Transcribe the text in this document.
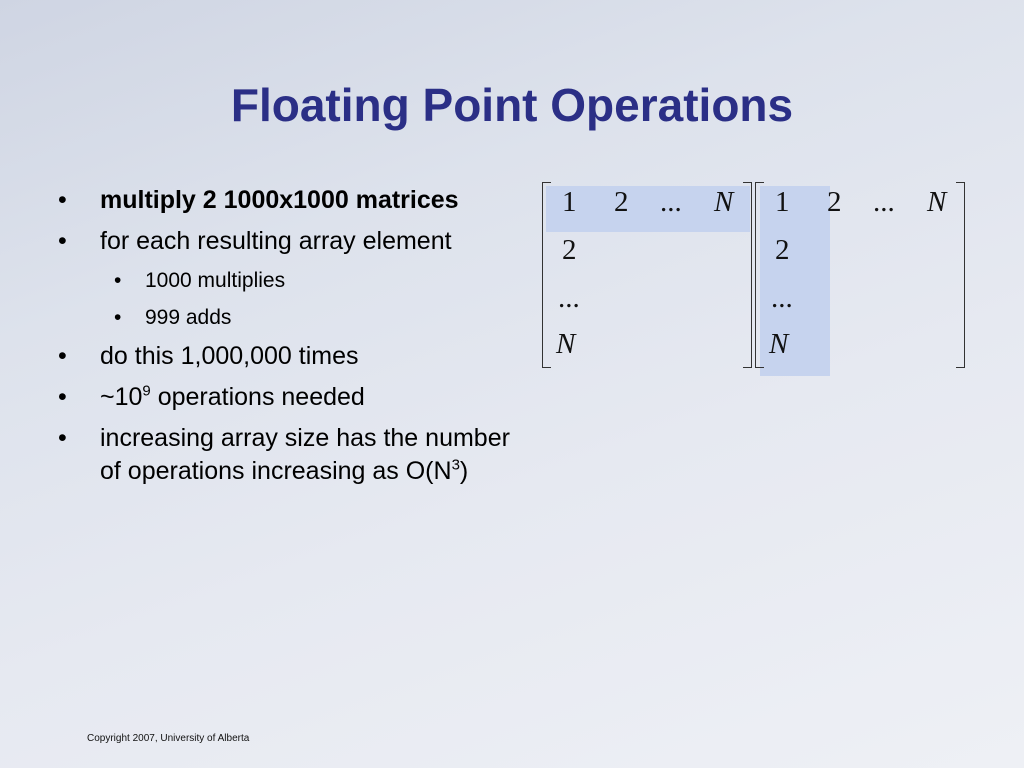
Floating Point Operations
• multiply 2 1000x1000 matrices
• for each resulting array element
• 1000 multiplies
• 999 adds
• do this 1,000,000 times
• $\sim 10^9$ operations needed
• increasing array size has the number of operations increasing as $O(N^3)$
1 2 ... N
2
...
N
1 2 ... N
2
...
N
Copyright 2007, University of Alberta
